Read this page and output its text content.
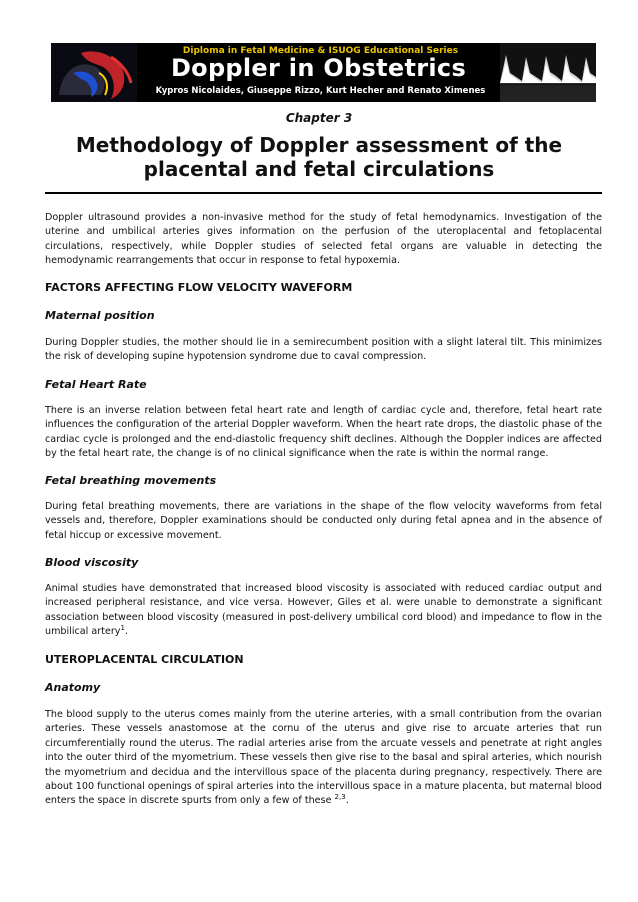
Diploma in Fetal Medicine & ISUOG Educational Series
Doppler in Obstetrics
Kypros Nicolaides, Giuseppe Rizzo, Kurt Hecher and Renato Ximenes
Chapter 3
Methodology of Doppler assessment of the placental and fetal circulations
Doppler ultrasound provides a non-invasive method for the study of fetal hemodynamics. Investigation of the uterine and umbilical arteries gives information on the perfusion of the uteroplacental and fetoplacental circulations, respectively, while Doppler studies of selected fetal organs are valuable in detecting the hemodynamic rearrangements that occur in response to fetal hypoxemia.
FACTORS AFFECTING FLOW VELOCITY WAVEFORM
Maternal position
During Doppler studies, the mother should lie in a semirecumbent position with a slight lateral tilt. This minimizes the risk of developing supine hypotension syndrome due to caval compression.
Fetal Heart Rate
There is an inverse relation between fetal heart rate and length of cardiac cycle and, therefore, fetal heart rate influences the configuration of the arterial Doppler waveform. When the heart rate drops, the diastolic phase of the cardiac cycle is prolonged and the end-diastolic frequency shift declines. Although the Doppler indices are affected by the fetal heart rate, the change is of no clinical significance when the rate is within the normal range.
Fetal breathing movements
During fetal breathing movements, there are variations in the shape of the flow velocity waveforms from fetal vessels and, therefore, Doppler examinations should be conducted only during fetal apnea and in the absence of fetal hiccup or excessive movement.
Blood viscosity
Animal studies have demonstrated that increased blood viscosity is associated with reduced cardiac output and increased peripheral resistance, and vice versa. However, Giles et al. were unable to demonstrate a significant association between blood viscosity (measured in post-delivery umbilical cord blood) and impedance to flow in the umbilical artery$^1$.
UTEROPLACENTAL CIRCULATION
Anatomy
The blood supply to the uterus comes mainly from the uterine arteries, with a small contribution from the ovarian arteries. These vessels anastomose at the cornu of the uterus and give rise to arcuate arteries that run circumferentially round the uterus. The radial arteries arise from the arcuate vessels and penetrate at right angles into the outer third of the myometrium. These vessels then give rise to the basal and spiral arteries, which nourish the myometrium and decidua and the intervillous space of the placenta during pregnancy, respectively. There are about 100 functional openings of spiral arteries into the intervillous space in a mature placenta, but maternal blood enters the space in discrete spurts from only a few of these $^{2,3}$.
